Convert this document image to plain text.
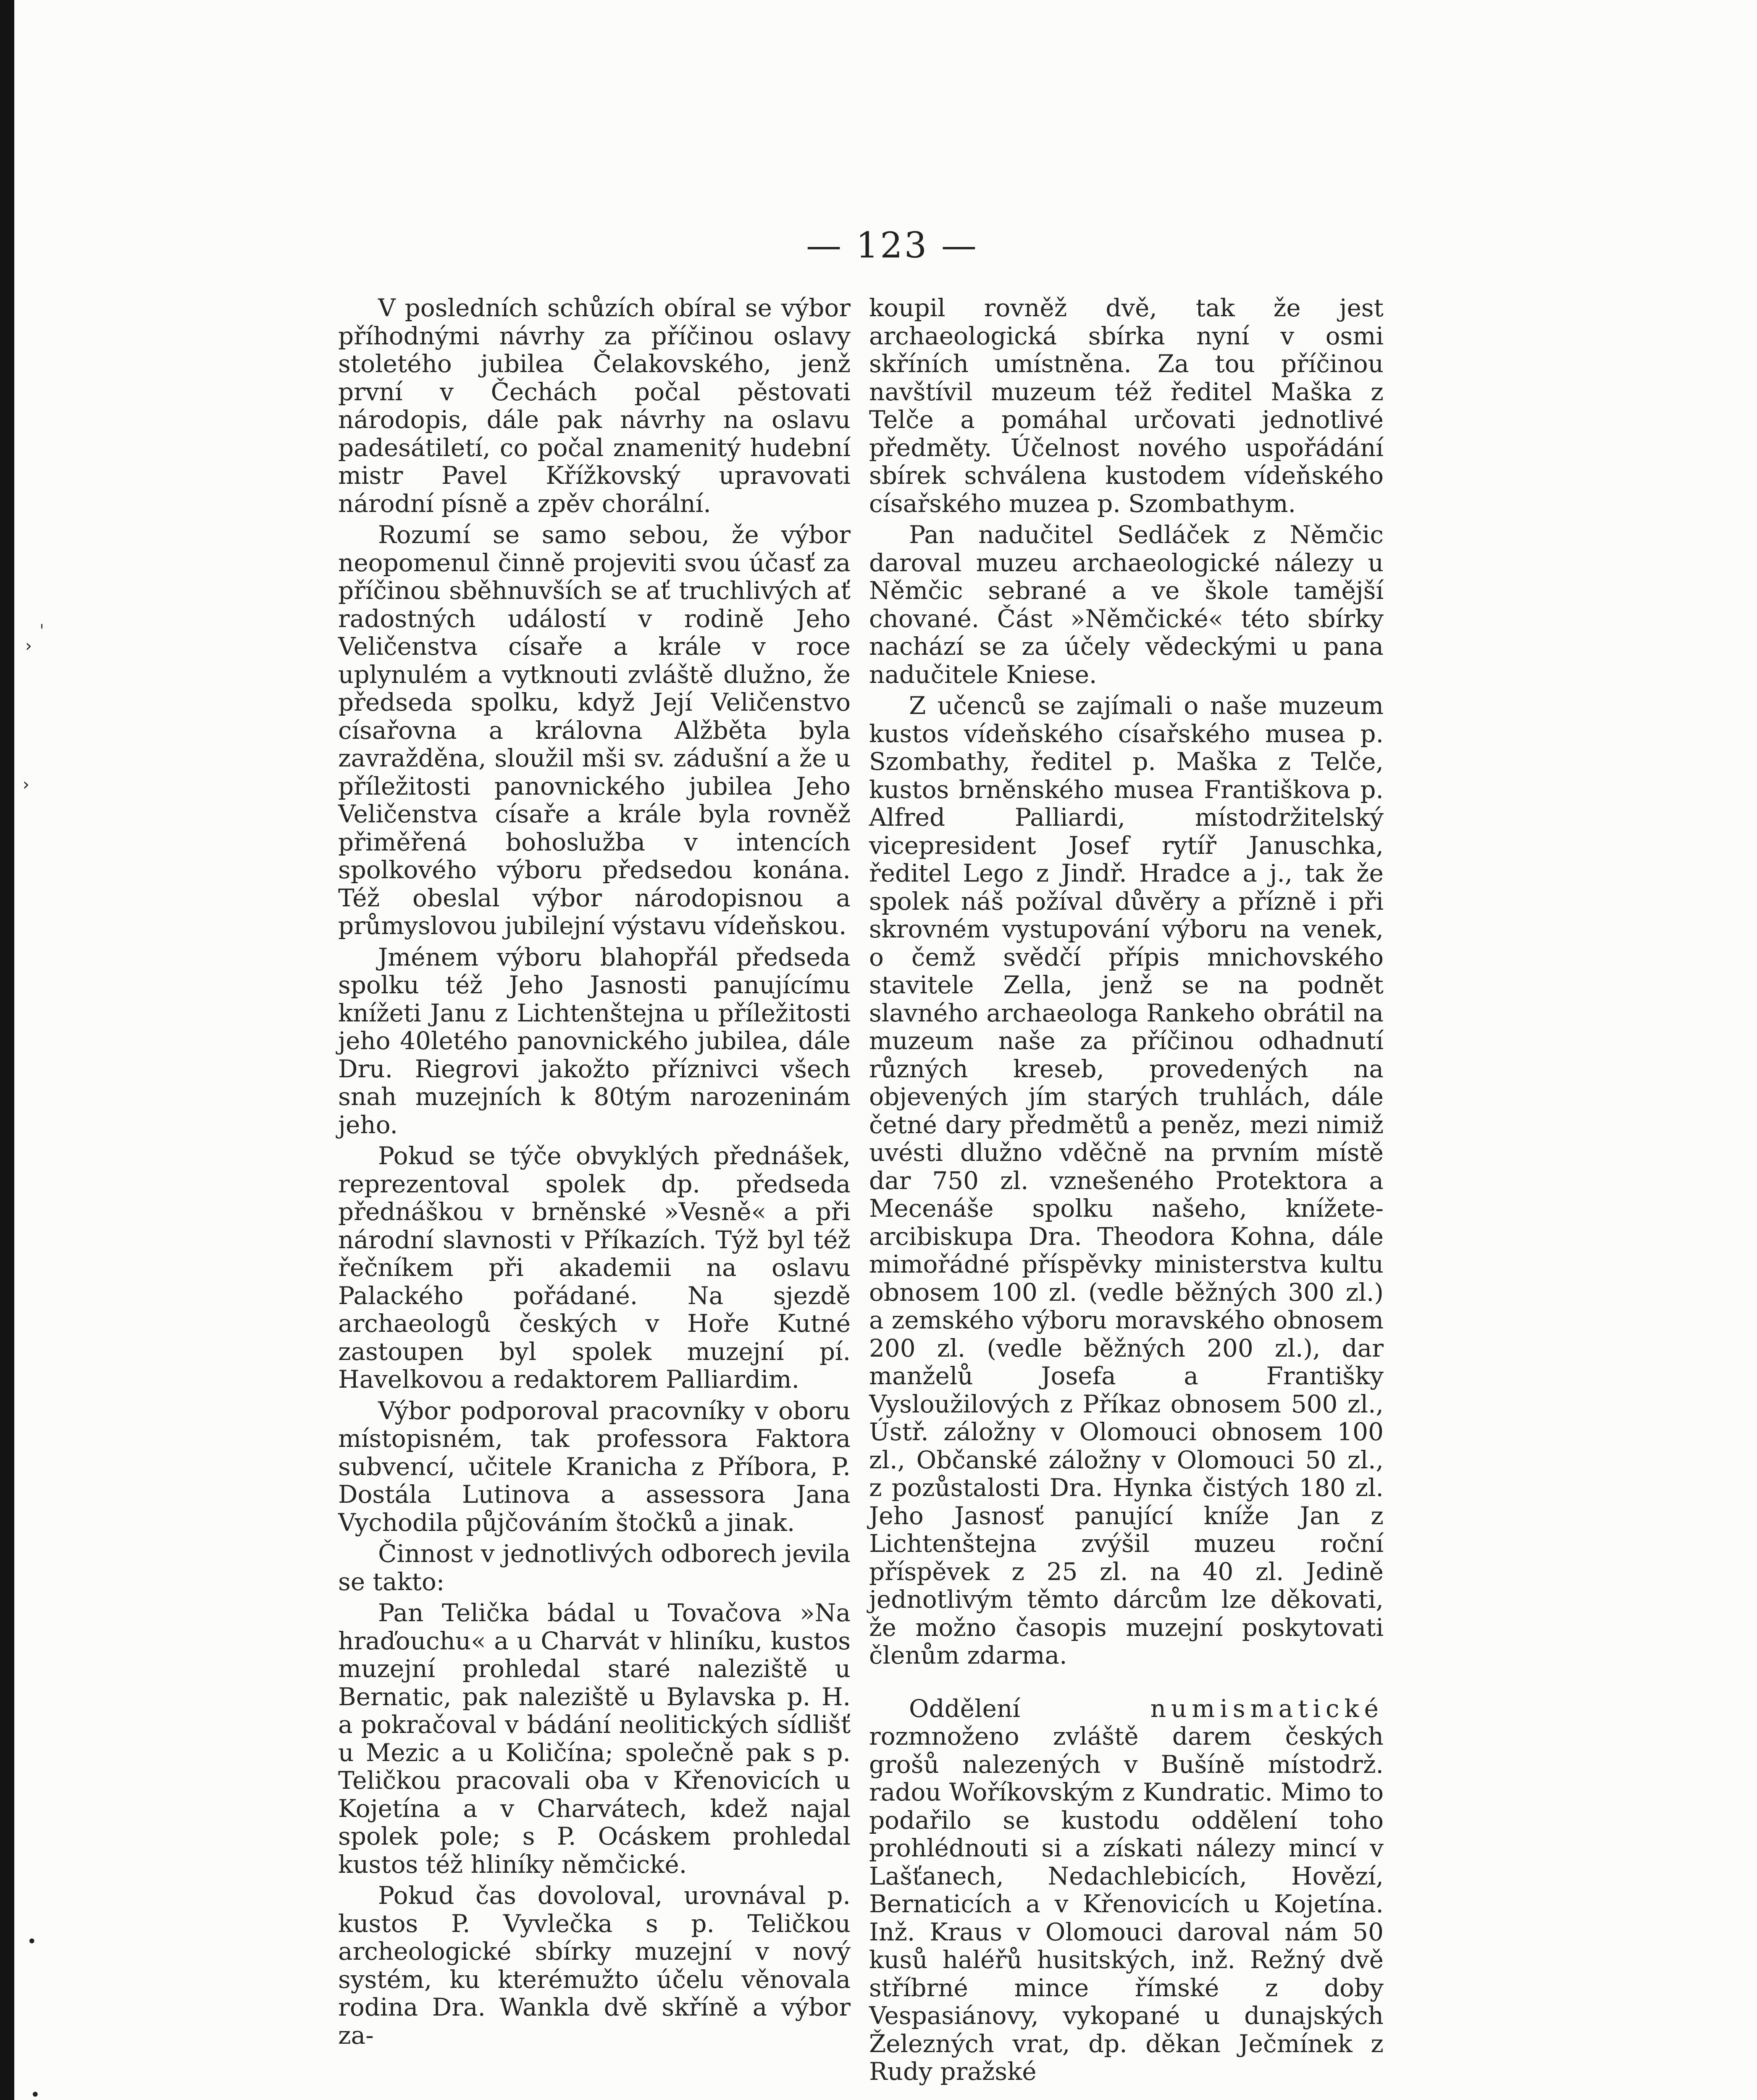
— 123 —

V posledních schůzích obíral se výbor příhodnými návrhy za příčinou oslavy stoletého jubilea Čelakovského, jenž první v Čechách počal pěstovati národopis, dále pak návrhy na oslavu padesátiletí, co počal znamenitý hudební mistr Pavel Křížkovský upravovati národní písně a zpěv chorální.

Rozumí se samo sebou, že výbor neopomenul činně projeviti svou účasť za příčinou sběhnuvších se ať truchlivých ať radostných událostí v rodině Jeho Veličenstva císaře a krále v roce uplynulém a vytknouti zvláště dlužno, že předseda spolku, když Její Veličenstvo císařovna a královna Alžběta byla zavražděna, sloužil mši sv. zádušní a že u příležitosti panovnického jubilea Jeho Veličenstva císaře a krále byla rovněž přiměřená bohoslužba v intencích spolkového výboru předsedou konána. Též obeslal výbor národopisnou a průmyslovou jubilejní výstavu vídeňskou.

Jménem výboru blahopřál předseda spolku též Jeho Jasnosti panujícímu knížeti Janu z Lichtenštejna u příležitosti jeho 40letého panovnického jubilea, dále Dru. Riegrovi jakožto příznivci všech snah muzejních k 80tým narozeninám jeho.

Pokud se týče obvyklých přednášek, reprezentoval spolek dp. předseda přednáškou v brněnské »Vesně« a při národní slavnosti v Příkazích. Týž byl též řečníkem při akademii na oslavu Palackého pořádané. Na sjezdě archaeologů českých v Hoře Kutné zastoupen byl spolek muzejní pí. Havelkovou a redaktorem Palliardim.

Výbor podporoval pracovníky v oboru místopisném, tak professora Faktora subvencí, učitele Kranicha z Příbora, P. Dostála Lutinova a assessora Jana Vychodila půjčováním štočků a jinak.

Činnost v jednotlivých odborech jevila se takto:

Pan Telička bádal u Tovačova »Na hraďouchu« a u Charvát v hliníku, kustos muzejní prohledal staré naleziště u Bernatic, pak naleziště u Bylavska p. H. a pokračoval v bádání neolitických sídlišť u Mezic a u Količína; společně pak s p. Teličkou pracovali oba v Křenovicích u Kojetína a v Charvátech, kdež najal spolek pole; s P. Ocáskem prohledal kustos též hliníky němčické.

Pokud čas dovoloval, urovnával p. kustos P. Vyvlečka s p. Teličkou archeologické sbírky muzejní v nový systém, ku kterémužto účelu věnovala rodina Dra. Wankla dvě skříně a výbor za-

koupil rovněž dvě, tak že jest archaeologická sbírka nyní v osmi skříních umístněna. Za tou příčinou navštívil muzeum též ředitel Maška z Telče a pomáhal určovati jednotlivé předměty. Účelnost nového uspořádání sbírek schválena kustodem vídeňského císařského muzea p. Szombathym.

Pan nadučitel Sedláček z Němčic daroval muzeu archaeologické nálezy u Němčic sebrané a ve škole tamější chované. Část »Němčické« této sbírky nachází se za účely vědeckými u pana nadučitele Kniese.

Z učenců se zajímali o naše muzeum kustos vídeňského císařského musea p. Szombathy, ředitel p. Maška z Telče, kustos brněnského musea Františkova p. Alfred Palliardi, místodržitelský vicepresident Josef rytíř Januschka, ředitel Lego z Jindř. Hradce a j., tak že spolek náš požíval důvěry a přízně i při skrovném vystupování výboru na venek, o čemž svědčí přípis mnichovského stavitele Zella, jenž se na podnět slavného archaeologa Rankeho obrátil na muzeum naše za příčinou odhadnutí různých kreseb, provedených na objevených jím starých truhlách, dále četné dary předmětů a peněz, mezi nimiž uvésti dlužno vděčně na prvním místě dar 750 zl. vznešeného Protektora a Mecenáše spolku našeho, knížete-arcibiskupa Dra. Theodora Kohna, dále mimořádné příspěvky ministerstva kultu obnosem 100 zl. (vedle běžných 300 zl.) a zemského výboru moravského obnosem 200 zl. (vedle běžných 200 zl.), dar manželů Josefa a Františky Vysloužilových z Příkaz obnosem 500 zl., Ústř. záložny v Olomouci obnosem 100 zl., Občanské záložny v Olomouci 50 zl., z pozůstalosti Dra. Hynka čistých 180 zl. Jeho Jasnosť panující kníže Jan z Lichtenštejna zvýšil muzeu roční příspěvek z 25 zl. na 40 zl. Jedině jednotlivým těmto dárcům lze děkovati, že možno časopis muzejní poskytovati členům zdarma.

Oddělení	numismatické rozmnoženo zvláště darem českých grošů nalezených v Bušíně místodrž. radou Woříkovským z Kundratic. Mimo to podařilo se kustodu oddělení toho prohlédnouti si a získati nálezy mincí v Lašťanech, Nedachlebicích, Hovězí, Bernaticích a v Křenovicích u Kojetína. Inž. Kraus v Olomouci daroval nám 50 kusů haléřů husitských, inž. Režný dvě stříbrné mince římské z doby Vespasiánovy, vykopané u dunajských Železných vrat, dp. děkan Ječmínek z Rudy pražské

›
ˈ
›
•
•
